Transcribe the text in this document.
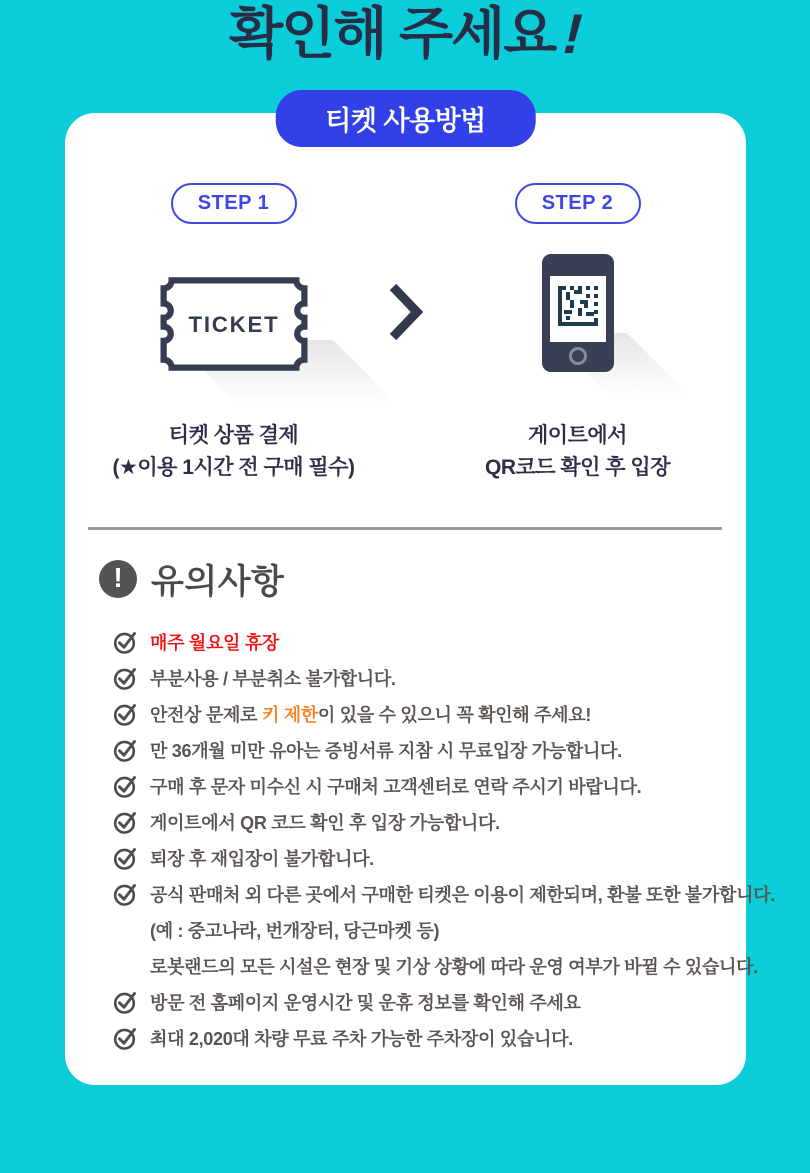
확인해 주세요!
티켓 사용방법
STEP 1
TICKET
티켓 상품 결제
(★이용 1시간 전 구매 필수)
STEP 2
게이트에서
QR코드 확인 후 입장
! 유의사항
매주 월요일 휴장
부분사용 / 부분취소 불가합니다.
안전상 문제로 키 제한이 있을 수 있으니 꼭 확인해 주세요!
만 36개월 미만 유아는 증빙서류 지참 시 무료입장 가능합니다.
구매 후 문자 미수신 시 구매처 고객센터로 연락 주시기 바랍니다.
게이트에서 QR 코드 확인 후 입장 가능합니다.
퇴장 후 재입장이 불가합니다.
공식 판매처 외 다른 곳에서 구매한 티켓은 이용이 제한되며, 환불 또한 불가합니다.
(예 : 중고나라, 번개장터, 당근마켓 등)
로봇랜드의 모든 시설은 현장 및 기상 상황에 따라 운영 여부가 바뀔 수 있습니다.
방문 전 홈페이지 운영시간 및 운휴 정보를 확인해 주세요
최대 2,020대 차량 무료 주차 가능한 주차장이 있습니다.
